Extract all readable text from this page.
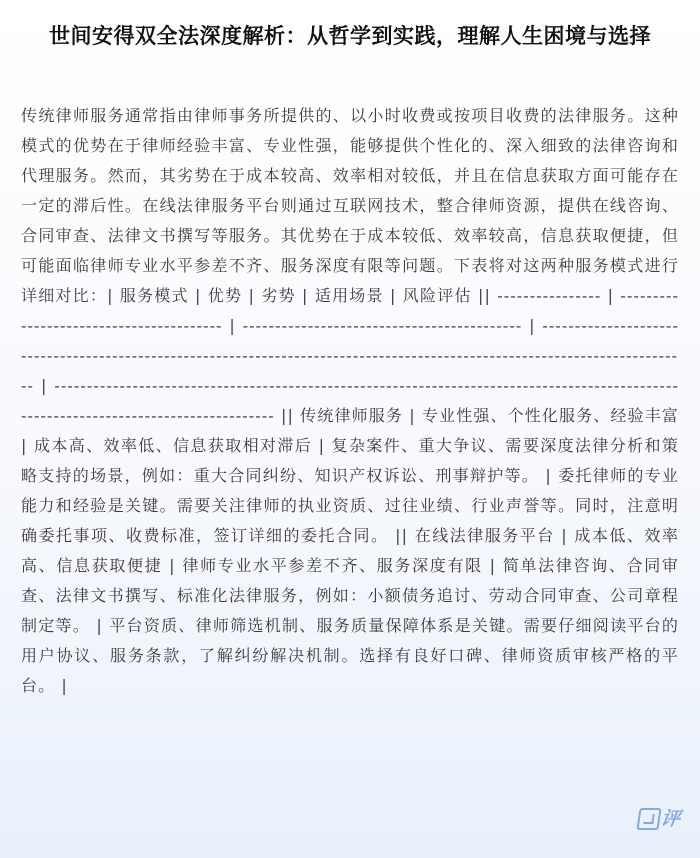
世间安得双全法深度解析：从哲学到实践，理解人生困境与选择

传统律师服务通常指由律师事务所提供的、以小时收费或按项目收费的法律服务。这种模式的优势在于律师经验丰富、专业性强，能够提供个性化的、深入细致的法律咨询和代理服务。然而，其劣势在于成本较高、效率相对较低，并且在信息获取方面可能存在一定的滞后性。在线法律服务平台则通过互联网技术，整合律师资源，提供在线咨询、合同审查、法律文书撰写等服务。其优势在于成本较低、效率较高，信息获取便捷，但可能面临律师专业水平参差不齐、服务深度有限等问题。下表将对这两种服务模式进行详细对比：| 服务模式 | 优势 | 劣势 | 适用场景 | 风险评估 || ---------------- | ---------------------------------------- | ------------------------------------------- | ---------------------------------------------------------------------------------------------------------------------------- | --------------------------------------------------------------------------------------------------------------------------------------- || 传统律师服务 | 专业性强、个性化服务、经验丰富 | 成本高、效率低、信息获取相对滞后 | 复杂案件、重大争议、需要深度法律分析和策略支持的场景，例如：重大合同纠纷、知识产权诉讼、刑事辩护等。 | 委托律师的专业能力和经验是关键。需要关注律师的执业资质、过往业绩、行业声誉等。同时，注意明确委托事项、收费标准，签订详细的委托合同。 || 在线法律服务平台 | 成本低、效率高、信息获取便捷 | 律师专业水平参差不齐、服务深度有限 | 简单法律咨询、合同审查、法律文书撰写、标准化法律服务，例如：小额债务追讨、劳动合同审查、公司章程制定等。 | 平台资质、律师筛选机制、服务质量保障体系是关键。需要仔细阅读平台的用户协议、服务条款，了解纠纷解决机制。选择有良好口碑、律师资质审核严格的平台。 |

评
